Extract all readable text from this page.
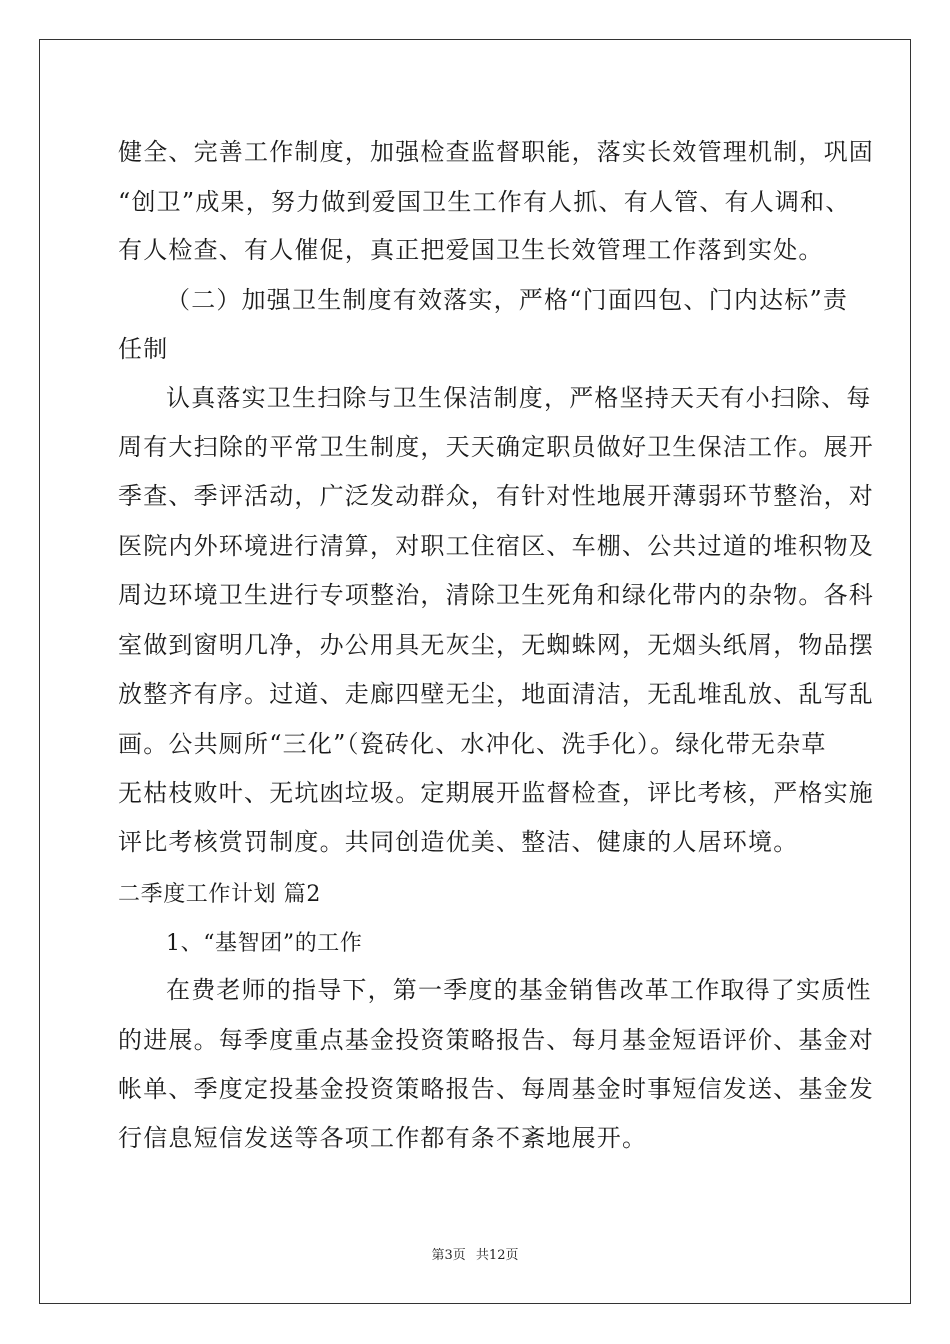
健全、完善工作制度，加强检查监督职能，落实长效管理机制，巩固
“创卫”成果，努力做到爱国卫生工作有人抓、有人管、有人调和、
有人检查、有人催促，真正把爱国卫生长效管理工作落到实处。
（二）加强卫生制度有效落实，严格“门面四包、门内达标”责
任制
认真落实卫生扫除与卫生保洁制度，严格坚持天天有小扫除、每
周有大扫除的平常卫生制度，天天确定职员做好卫生保洁工作。展开
季查、季评活动，广泛发动群众，有针对性地展开薄弱环节整治，对
医院内外环境进行清算，对职工住宿区、车棚、公共过道的堆积物及
周边环境卫生进行专项整治，清除卫生死角和绿化带内的杂物。各科
室做到窗明几净，办公用具无灰尘，无蜘蛛网，无烟头纸屑，物品摆
放整齐有序。过道、走廊四壁无尘，地面清洁，无乱堆乱放、乱写乱
画。公共厕所“三化”（瓷砖化、水冲化、洗手化）。绿化带无杂草
无枯枝败叶、无坑凼垃圾。定期展开监督检查，评比考核，严格实施
评比考核赏罚制度。共同创造优美、整洁、健康的人居环境。
二季度工作计划 篇2
1、“基智团”的工作
在费老师的指导下，第一季度的基金销售改革工作取得了实质性
的进展。每季度重点基金投资策略报告、每月基金短语评价、基金对
帐单、季度定投基金投资策略报告、每周基金时事短信发送、基金发
行信息短信发送等各项工作都有条不紊地展开。
第3页 共12页
